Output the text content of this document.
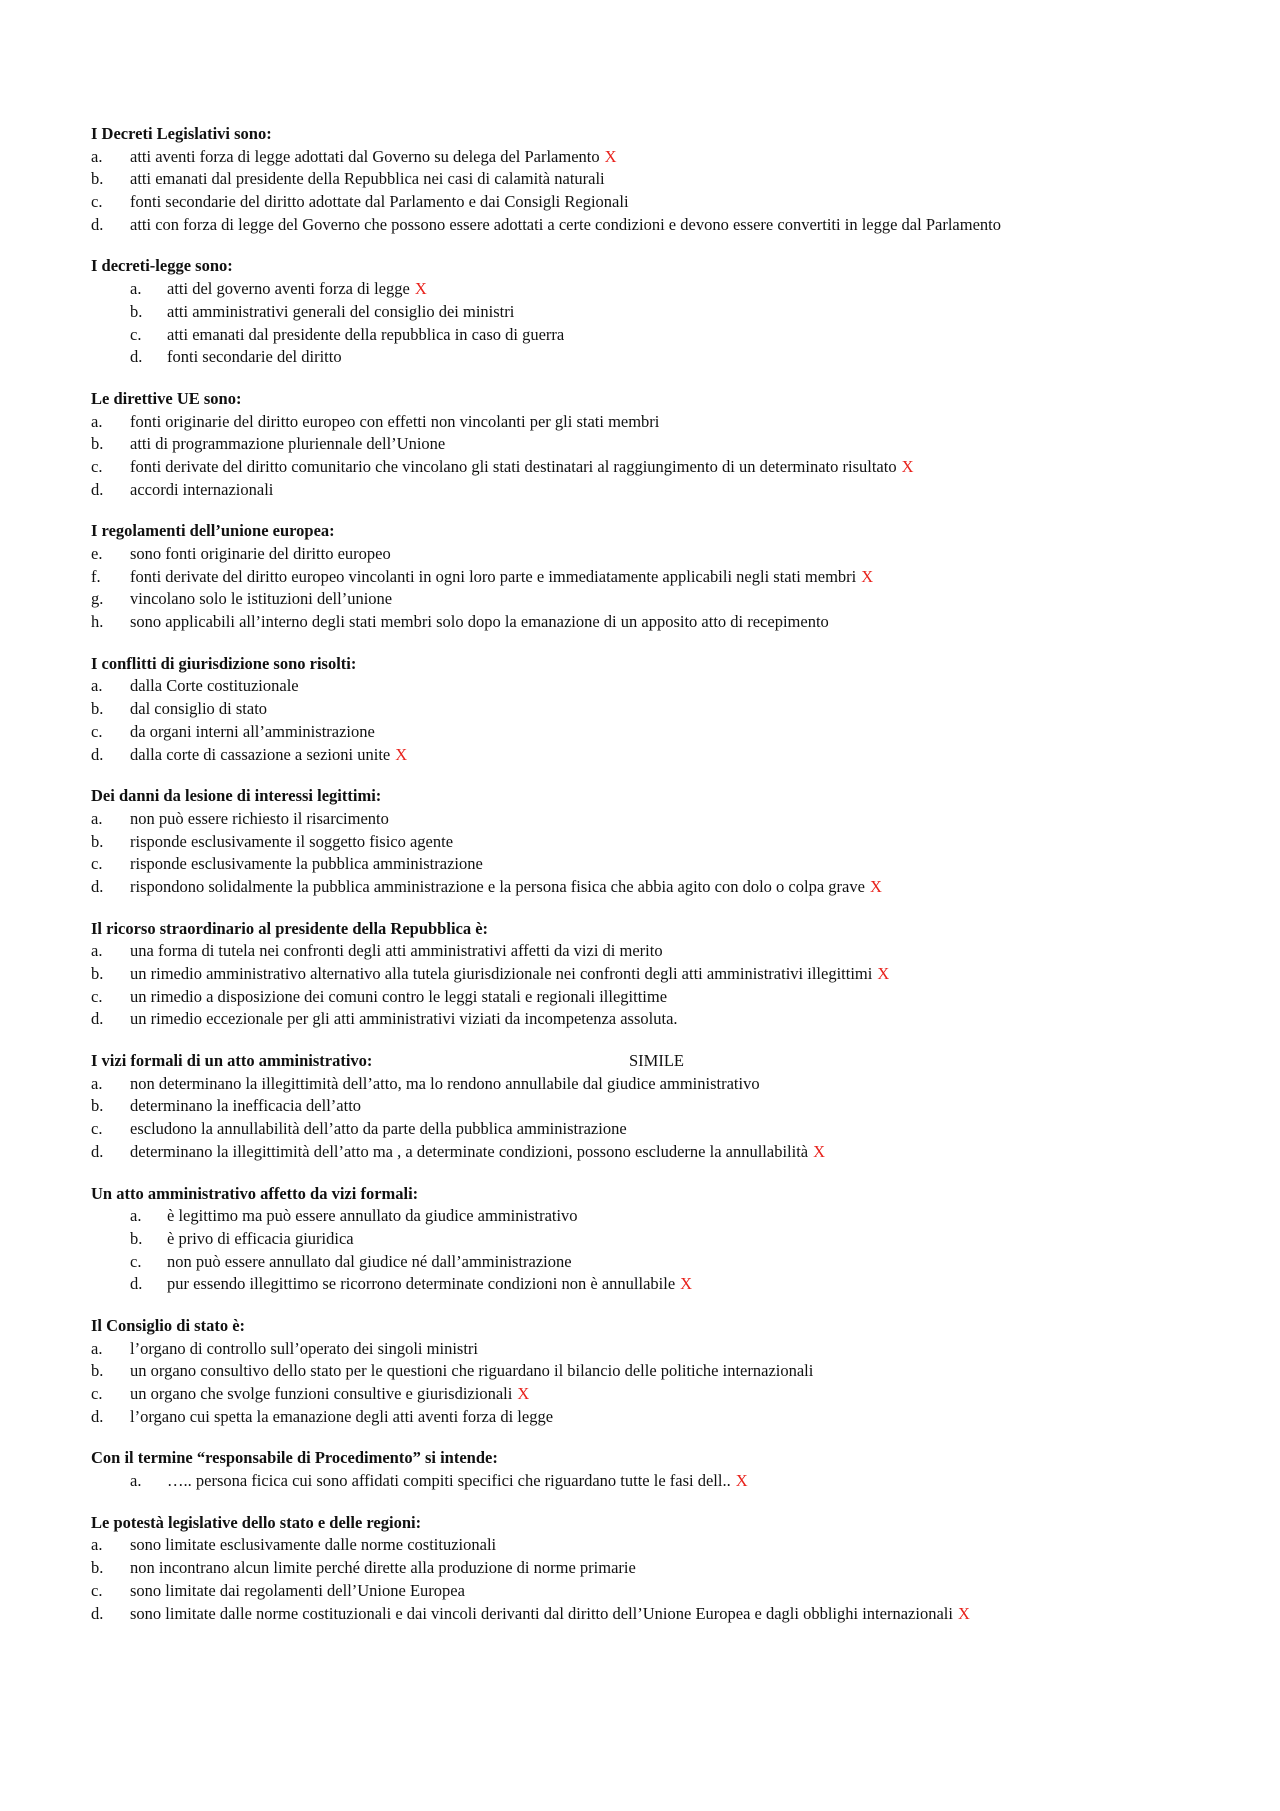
I Decreti Legislativi sono:
a. atti aventi forza di legge adottati dal Governo su delega del Parlamento X
b. atti emanati dal presidente della Repubblica nei casi di calamità naturali
c. fonti secondarie del diritto adottate dal Parlamento e dai Consigli Regionali
d. atti con forza di legge del Governo che possono essere adottati a certe condizioni e devono essere convertiti in legge dal Parlamento
I decreti-legge sono:
a. atti del governo aventi forza di legge X
b. atti amministrativi generali del consiglio dei ministri
c. atti emanati dal presidente della repubblica in caso di guerra
d. fonti secondarie del diritto
Le direttive UE sono:
a. fonti originarie del diritto europeo con effetti non vincolanti per gli stati membri
b. atti di programmazione pluriennale dell’Unione
c. fonti derivate del diritto comunitario che vincolano gli stati destinatari al raggiungimento di un determinato risultato X
d. accordi internazionali
I regolamenti dell’unione europea:
e. sono fonti originarie del diritto europeo
f. fonti derivate del diritto europeo vincolanti in ogni loro parte e immediatamente applicabili negli stati membri X
g. vincolano solo le istituzioni dell’unione
h. sono applicabili all’interno degli stati membri solo dopo la emanazione di un apposito atto di recepimento
I conflitti di giurisdizione sono risolti:
a. dalla Corte costituzionale
b. dal consiglio di stato
c. da organi interni all’amministrazione
d. dalla corte di cassazione a sezioni unite X
Dei danni da lesione di interessi legittimi:
a. non può essere richiesto il risarcimento
b. risponde esclusivamente il soggetto fisico agente
c. risponde esclusivamente la pubblica amministrazione
d. rispondono solidalmente la pubblica amministrazione e la persona fisica che abbia agito con dolo o colpa grave X
Il ricorso straordinario al presidente della Repubblica è:
a. una forma di tutela nei confronti degli atti amministrativi affetti da vizi di merito
b. un rimedio amministrativo alternativo alla tutela giurisdizionale nei confronti degli atti amministrativi illegittimi X
c. un rimedio a disposizione dei comuni contro le leggi statali e regionali illegittime
d. un rimedio eccezionale per gli atti amministrativi viziati da incompetenza assoluta.
I vizi formali di un atto amministrativo:	SIMILE
a. non determinano la illegittimità dell’atto, ma lo rendono annullabile dal giudice amministrativo
b. determinano la inefficacia dell’atto
c. escludono la annullabilità dell’atto da parte della pubblica amministrazione
d. determinano la illegittimità dell’atto ma , a determinate condizioni, possono escluderne la annullabilità X
Un atto amministrativo affetto da vizi formali:
a. è legittimo ma può essere annullato da giudice amministrativo
b. è privo di efficacia giuridica
c. non può essere annullato dal giudice né dall’amministrazione
d. pur essendo illegittimo se ricorrono determinate condizioni non è annullabile X
Il Consiglio di stato è:
a. l’organo di controllo sull’operato dei singoli ministri
b. un organo consultivo dello stato per le questioni che riguardano il bilancio delle politiche internazionali
c. un organo che svolge funzioni consultive e giurisdizionali X
d. l’organo cui spetta la emanazione degli atti aventi forza di legge
Con il termine “responsabile di Procedimento” si intende:
a. ….. persona ficica cui sono affidati compiti specifici che riguardano tutte le fasi dell.. X
Le potestà legislative dello stato e delle regioni:
a. sono limitate esclusivamente dalle norme costituzionali
b. non incontrano alcun limite perché dirette alla produzione di norme primarie
c. sono limitate dai regolamenti dell’Unione Europea
d. sono limitate dalle norme costituzionali e dai vincoli derivanti dal diritto dell’Unione Europea e dagli obblighi internazionali X
